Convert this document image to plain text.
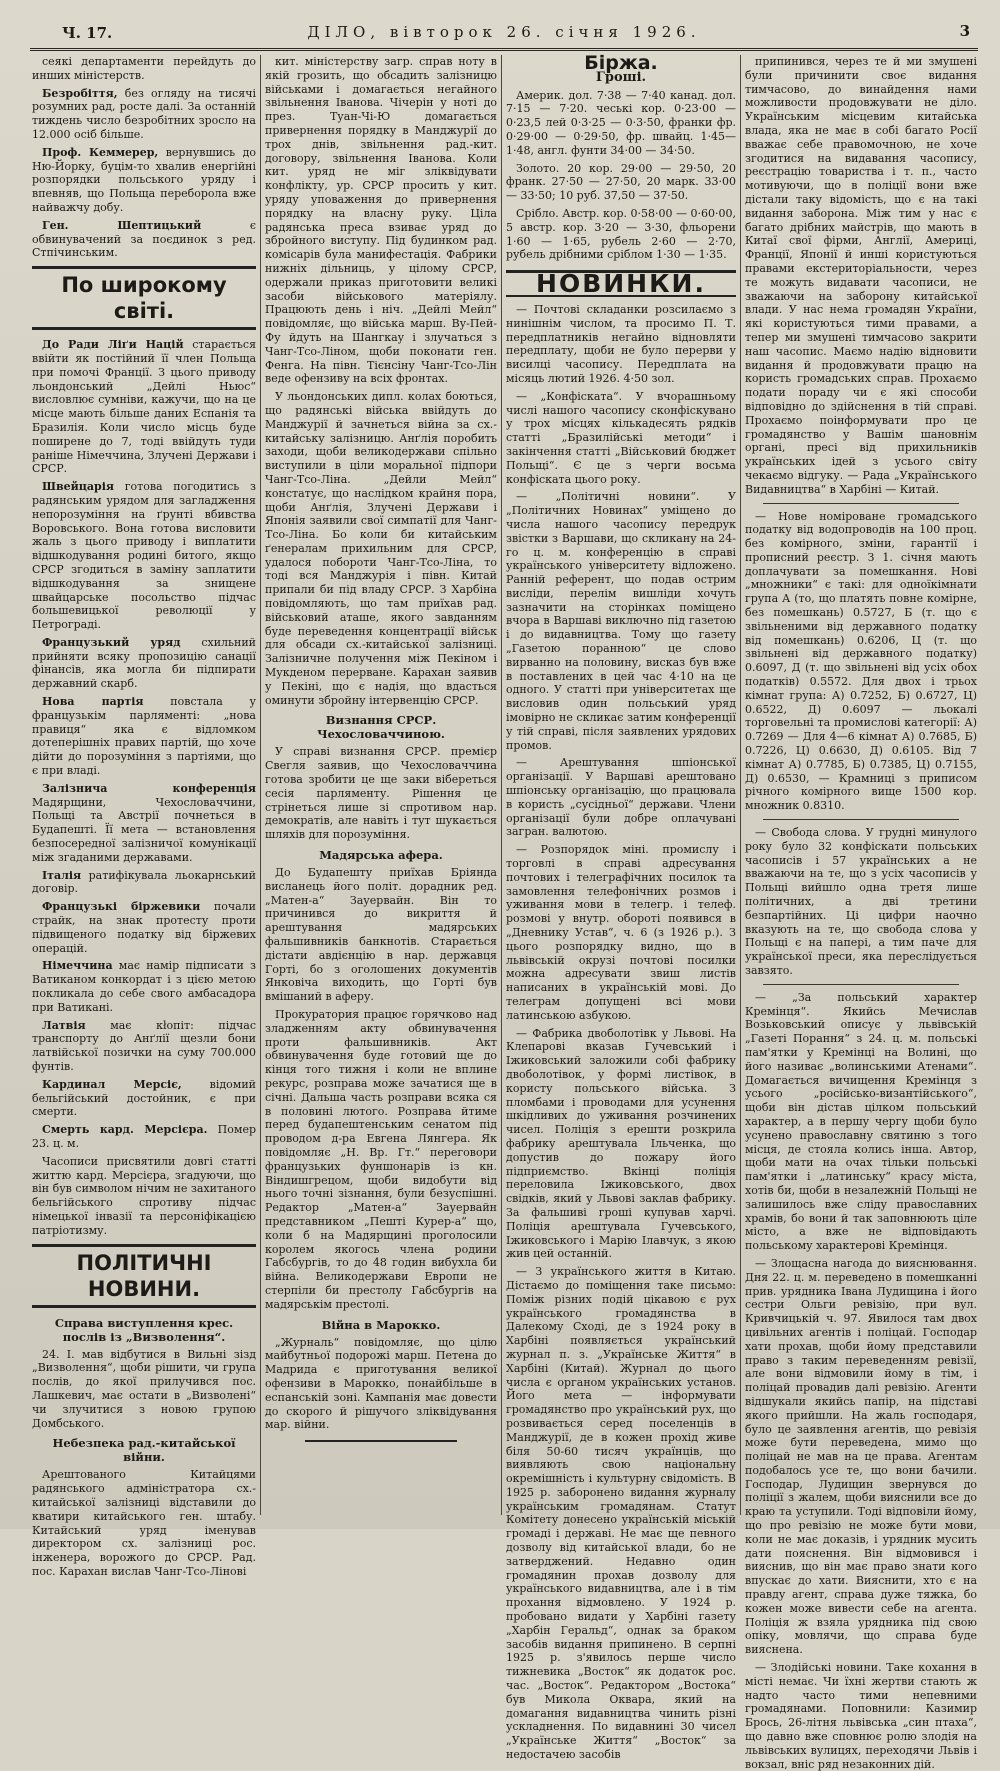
Ч. 17.	ДІЛО, вівторок 26. січня 1926.	3

сеякі департаменти перейдуть до инших міністерств.

Безробіття, без огляду на тисячі розумних рад, росте далі. За останній тиждень число безробітних зросло на 12.000 осіб більше.

Проф. Кеммерер, вернувшись до Ню-Йорку, буцім-то хвалив енергійні розпорядки польського уряду і впевняв, що Польща переборола вже найважчу добу.

Ген. Шептицький	є обвинувачений за поєдинок з ред. Стпічинським.

По широкому світі.

До Ради Ліґи Націй старається ввійти як постійний її член Польща при помочі Франції. З цього приводу льондонський „Дейлі Ньюс“ висловлює сумніви, кажучи, що на це місце мають більше даних Еспанія та Бразилія. Коли число місць буде поширене до 7, тоді ввійдуть туди раніше Німеччина, Злучені Держави і СРСР.

Швейцарія готова погодитись з радянським урядом для загладження непорозуміння на ґрунті вбивства Воровського. Вона готова висловити жаль з цього приводу і виплатити відшкодування родині битого, якщо СРСР згодиться в заміну заплатити відшкодування за знищене швайцарське посольство підчас большевицької революції у Петрограді.

Французький уряд схильний прийняти всяку пропозицію санації фінансів, яка могла би підпирати державний скарб.

Нова партія повстала у французькім парляменті: „нова правиця“ яка є відломком дотеперішніх правих партій, що хоче дійти до порозуміння з партіями, що є при владі.

Залізнича конференція Мадярщини, Чехословаччини, Польщі та Австрії почнеться в Будапешті. Її мета — встановлення безпосередної залізничої комунікації між згаданими державами.

Італія ратифікувала льокарнський договір.

Французькі біржевики почали страйк, на знак протесту проти підвищеного податку від біржевих операцій.

Німеччина має намір підписати з Ватиканом конкордат і з цією метою покликала до себе свого амбасадора при Ватикані.

Латвія має кłопіт: підчас транспорту до Анґлії щезли бони латвійської позички на суму 700.000 фунтів.

Кардинал Мерсіє,	відомий бельгійський достойник, є при смерти.

Смерть кард. Мерсієра. Помер 23. ц. м.

Часописи присвятили довгі статті життю кард. Мерсієра, згадуючи, що він був символом нічим не захитаного бельгійського спротиву підчас німецької інвазії та персоніфікацією патріотизму.

ПОЛІТИЧНІ НОВИНИ.
Справа виступлення крес. послів із „Визволення“.

24. І. мав відбутися в Вильні зізд „Визволення“, щоби рішити, чи група послів, до якої прилучився пос. Лашкевич, має остати в „Визволені“ чи злучитися з новою групою Домбського.

Небезпека рад.-китайської війни.

Арештованого Китайцями радянського адміністратора сх.-китайської залізниці відставили до кватири китайського ген. штабу. Китайський уряд іменував директором сх. залізниці рос. інженера, ворожого до СРСР. Рад. пос. Карахан вислав Чанг-Тсо-Лінові

кит. міністерству загр. справ ноту в якій грозить, що обсадить залізницю військами і домагається негайного звільнення Іванова. Чічерін у ноті до през. Туан-Чі-Ю домагається привернення порядку в Манджурії до трох днів, звільнення рад.-кит. договору, звільнення Іванова. Коли кит. уряд не міг зліквідувати конфлікту, ур. СРСР просить у кит. уряду уповаження до привернення порядку на власну руку. Ціла радянська преса взиває уряд до збройного виступу. Під будинком рад. комісарів була манифестація. Фабрики нижніх дільниць, у цілому СРСР, одержали приказ приготовити великі засоби військового матеріялу. Працюють день і ніч. „Дейлі Мейл“ повідомляє, що війська марш. Ву-Пей-Фу йдуть на Шангкау і злучаться з Чанг-Тсо-Ліном, щоби поконати ген. Фенга. На півн. Тієнсіну Чанг-Тсо-Лін веде офензиву на всіх фронтах.

У льондонських дипл. колах боються, що радянські війська ввійдуть до Манджурії й зачнеться війна за сх.-китайську залізницю. Анґлія поробить заходи, щоби великодержави спільно виступили в ціли моральної підпори Чанг-Тсо-Ліна. „Дейли Мейл“ констатує, що наслідком крайня пора, щоби Анґлія, Злучені Держави і Японія заявили свої симпатії для Чанг-Тсо-Ліна. Бо коли би китайським ґенералам прихильним для СРСР, удалося побороти Чанг-Тсо-Ліна, то тоді вся Манджурія і півн. Китай припали би під владу СРСР. З Харбіна повідомляють, що там приїхав рад. військовий аташе, якого завданням буде переведення концентрації військ для обсади сх.-китайської залізниці. Залізничне получення між Пекіном і Мукденом перерване. Карахан заявив у Пекіні, що є надія, що вдасться оминути збройну інтервенцію СРСР.

Визнання СРСР. Чехословаччиною.

У справі визнання СРСР. премієр Свегля заявив, що Чехословаччина готова зробити це ще заки вібереться сесія парляменту. Рішення це стрінеться лише зі спротивом нар. демократів, але навіть і тут шукається шляхів для порозуміння.

Мадярська афера.

До Будапешту приїхав Бріянда висланець його політ. дорадник ред. „Матен-а“ Зауервайн. Він то причинився до викриття й арештування мадярських фальшивників банкнотів. Старається дістати авдієнцію в нар. державця Горті, бо з оголошених документів Янковіча виходить, що Горті був вмішаний в аферу.

Прокуратория працює горячково над зладженням акту обвинувачення проти фальшивників. Акт обвинувачення буде готовий ще до кінця того тижня і коли не вплине рекурс, розправа може зачатися ще в січні. Дальша часть розправи всяка ся в половині лютого. Розправа йтиме перед будапештенським сенатом під проводом д-ра Евгена Лянгера. Як повідомляє „Н. Вр. Гт.“ переговори французьких фуншонарів із кн. Віндишгрецом, щоби видобути від нього точні зізнання, були безуспішні. Редактор „Матен-а“ Зауервайн представником „Пешті Курер-а“ що, коли б на Мадярщині проголосили королем якогось члена родини Габсбургів, то до 48 годин вибухла би війна. Великодержави Европи не стерпіли би престолу Габсбургів на мадярськім престолі.

Війна в Марокко.

„Журналь“ повідомляє, що цілю майбутньої подорожі марш. Петена до Мадрида є приготування великої офензиви в Марокко, понайбільше в еспанській зоні. Кампанія має довести до скорого й рішучого зліквідування мар. війни.

Біржа.
Гроші.

Америк. дол. 7·38 — 7·40 канад. дол. 7·15 — 7·20. чеські кор. 0·23·00 — 0·23,5 лей 0·3·25 — 0·3·50, франки фр. 0·29·00 — 0·29·50, фр. швайц. 1·45—1·48, англ. фунти 34·00 — 34·50.

Золото. 20 кор. 29·00 — 29·50, 20 франк. 27·50 — 27·50, 20 марк. 33·00 — 33·50; 10 руб. 37,50 — 37·50.

Срібло. Австр. кор. 0·58·00 — 0·60·00, 5 австр. кор. 3·20 — 3·30, фльорени 1·60 — 1·65, рубель 2·60 — 2·70, рубель дрібними сріблом 1·30 — 1·35.

НОВИНКИ.

— Почтові складанки розсилаємо з нинішнім числом, та просимо П. Т. передплатників негайно відновляти передплату, щоби не було перерви у висилці часопису. Передплата на місяць лютий 1926. 4·50 зол.

— „Конфіската“. У вчорашньому числі нашого часопису сконфіскувано у трох місцях кількадесять рядків статті „Бразилійські методи“ і закінчення статті „Військовий бюджет Польщі“. Є це з черги восьма конфіската цього року.

— „Політичні новини“. У „Політичних Новинах“ уміщено до числа нашого часопису передрук звістки з Варшави, що скликану на 24-го ц. м. конференцію в справі українського університету відложено. Ранній референт, що подав острим висліди, перелім вишліди хочуть зазначити на сторінках поміщено вчора в Варшаві виключно під газетою і до видавництва. Тому що газету „Газетою поранною“ це слово вирванно на половину, висказ був вже в поставлених в цей час 4·10 на це одного. У статті при університетах ще висловив один польський уряд імовірно не скликає затим конференції у тій справі, після заявлених урядових промов.

— Арештування шпіонської організації. У Варшаві арештовано шпіонську організацію, що працювала в користь „сусідньої“ держави. Члени організації були добре оплачувані загран. валютою.

— Розпорядок міні. промислу і торговлі в справі адресування почтових і телеграфічних посилок та замовлення телефонічних розмов і уживання мови в телегр. і телеф. розмові у внутр. обороті появився в „Дневнику Устав“, ч. 6 (з 1926 р.). З цього розпорядку видно, що в львівській окрузі почтові посилки можна адресувати звиш листів написаних в українській мові. До телеграм допущені всі мови латинською азбукою.

— Фабрика двоболотівк у Львові. На Клепарові вказав Гучевський і Іжиковський заложили собі фабрику двоболотівок, у формі листівок, в користу польського війська. З пломбами і проводами для усунення шкідливих до уживання розчинених чисел. Поліція з ерешти розкрила фабрику арештувала Ільченка, що допустив до пожару його підприємство. Вкінці поліція переловила Іжиковського, двох свідків, який у Львові заклав фабрику. За фальшиві гроші купував харчі. Поліція арештувала Гучевського, Іжиковського і Марію Ілавчук, з якою жив цей останній.

— З українського життя в Китаю. Дістаємо до поміщення таке письмо: Поміж різних подій цікавою є рух українського громадянства в Далекому Сході, де з 1924 року в Харбіні появляється український журнал п. з. „Українське Життя“ в Харбіні (Китай). Журнал до цього числа є органом українських установ. Його мета — інформувати громадянство про український рух, що розвивається серед поселенців в Манджурії, де в кожен прохід живе біля 50-60 тисяч українців, що виявляють свою національну окремішність і культурну свідомість. В 1925 р. заборонено видання журналу українським громадянам. Статут Комітету донесено українській міській громаді і державі. Не має ще певного дозволу від китайської влади, бо не затверджений. Недавно один громадянин прохав дозволу для українського видавництва, але і в тім прохання відмовлено. У 1924 р. пробовано видати у Харбіні газету „Харбін Геральд“, однак за браком засобів видання припинено. В серпні 1925 р. з'явилось перше число тижневика „Восток“ як додаток рос. час. „Восток“. Редактором „Востока“ був Микола Оквара, який на домагання видавництва чинить різні ускладнення. По видавнині 30 чисел „Українське Життя“ „Восток“ за недостачею засобів

припинився, через те й ми змушені були причинити своє видання тимчасово, до винайдення нами можливости продовжувати не діло. Українським місцевим китайська влада, яка не має в собі багато Росії вважає себе правомочною, не хоче згодитися на видавання часопису, реєстрацію товариства і т. п., часто мотивуючи, що в поліції вони вже дістали таку відомість, що є на такі видання заборона. Між тим у нас є багато дрібних майстрів, що мають в Китаї свої фірми, Англії, Америці, Франції, Японії й инші користуються правами екстериторіальности, через те можуть видавати часописи, не зважаючи на заборону китайської влади. У нас нема громадян України, які користуються тими правами, а тепер ми змушені тимчасово закрити наш часопис. Маємо надію відновити видання й продовжувати працю на користь громадських справ. Прохаємо подати пораду чи є які способи відповідно до здійснення в тій справі. Прохаємо поінформувати про це громадянство у Вашім шановнім органі, пресі від прихильників українських ідей з усього світу чекаємо відгуку. — Рада „Українського Видавництва“ в Харбіні — Китай.

— Нове номіроване громадського податку від водопроводів на 100 проц. без комірного, зміни, гарантії і прописний реєстр. З 1. січня мають доплачувати за помешкання. Нові „множники“ є такі: для одноїкімнати група А (то, що платять повне комірне, без помешкань) 0.5727, Б (т. що є звільненими від державного податку від помешкань) 0.6206, Ц (т. що звільнені від державного податку) 0.6097, Д (т. що звільнені від усіх обох податків) 0.5572. Для двох і трьох кімнат група: А) 0.7252, Б) 0.6727, Ц) 0.6522, Д) 0.6097 — льокалі торговельні та промислові категорії: А) 0.7269 — Для 4—6 кімнат А) 0.7685, Б) 0.7226, Ц) 0.6630, Д) 0.6105. Від 7 кімнат А) 0.7785, Б) 0.7385, Ц) 0.7155, Д) 0.6530, — Крамниці з приписом річного комірного вище 1500 кор. множник 0.8310.

— Свобода слова. У грудні минулого року було 32 конфіскати польських часописів і 57 українських а не вважаючи на те, що з усіх часописів у Польщі вийшло одна третя лише політичних, а дві третини безпартійних. Ці цифри наочно вказують на те, що свобода слова у Польщі є на папері, а тим паче для української преси, яка переслідується завзято.

— „За польський характер Кремінця“. Якийсь Мечислав Возьковський описує у львівській „Газеті Порання“ з 24. ц. м. польські пам'ятки у Кремінці на Волині, що його називає „волинськими Атенами“. Домагається вичищення Кремінця з усього „російсько-византійського“, щоби він дістав цілком польський характер, а в першу чергу щоби було усунено православну святиню з того місця, де стояла колись інша. Автор, щоби мати на очах тільки польські пам'ятки і „латинську“ красу міста, хотів би, щоби в незалежній Польщі не залишилось вже сліду православних храмів, бо вони й так заповнюють ціле місто, а вже не відповідають польському характерові Кремінця.

— Злощасна нагода до вияснювання. Дня 22. ц. м. переведено в помешканні прив. урядника Івана Лудищина і його сестри Ольги ревізію, при вул. Кривчицькій ч. 97. Явилося там двох цивільних агентів і поліцай. Господар хати прохав, щоби йому представили право з таким переведенням ревізії, але вони відмовили йому в тім, і поліцай провадив далі ревізію. Агенти відшукали якийсь папір, на підставі якого прийшли. На жаль господаря, було це заявлення агентів, що ревізія може бути переведена, мимо що поліцай не мав на це права. Агентам подобалось усе те, що вони бачили. Господар, Лудищин звернувся до поліції з жалем, щоби вияснили все до краю та уступили. Тоді відповіли йому, що про ревізію не може бути мови, коли не має доказів, і урядник мусить дати пояснення. Він відмовився і вияснив, що він має право знати кого впускає до хати. Вияснити, хто є на правду агент, справа дуже тяжка, бо кожен може вивести себе на агента. Поліція ж взяла урядника під свою опіку, мовлячи, що справа буде вияснена.

— Злодійські новини. Таке кохання в місті немає. Чи їхні жертви стають ж надто часто тими непевними громадянами. Поповнили: Казимир Брось, 26-літня львівська „син птаха“, що давно вже сповнює ролю злодія на львівських вулицях, переходячи Львів і вокзал, вніс ряд незаконних дій.
